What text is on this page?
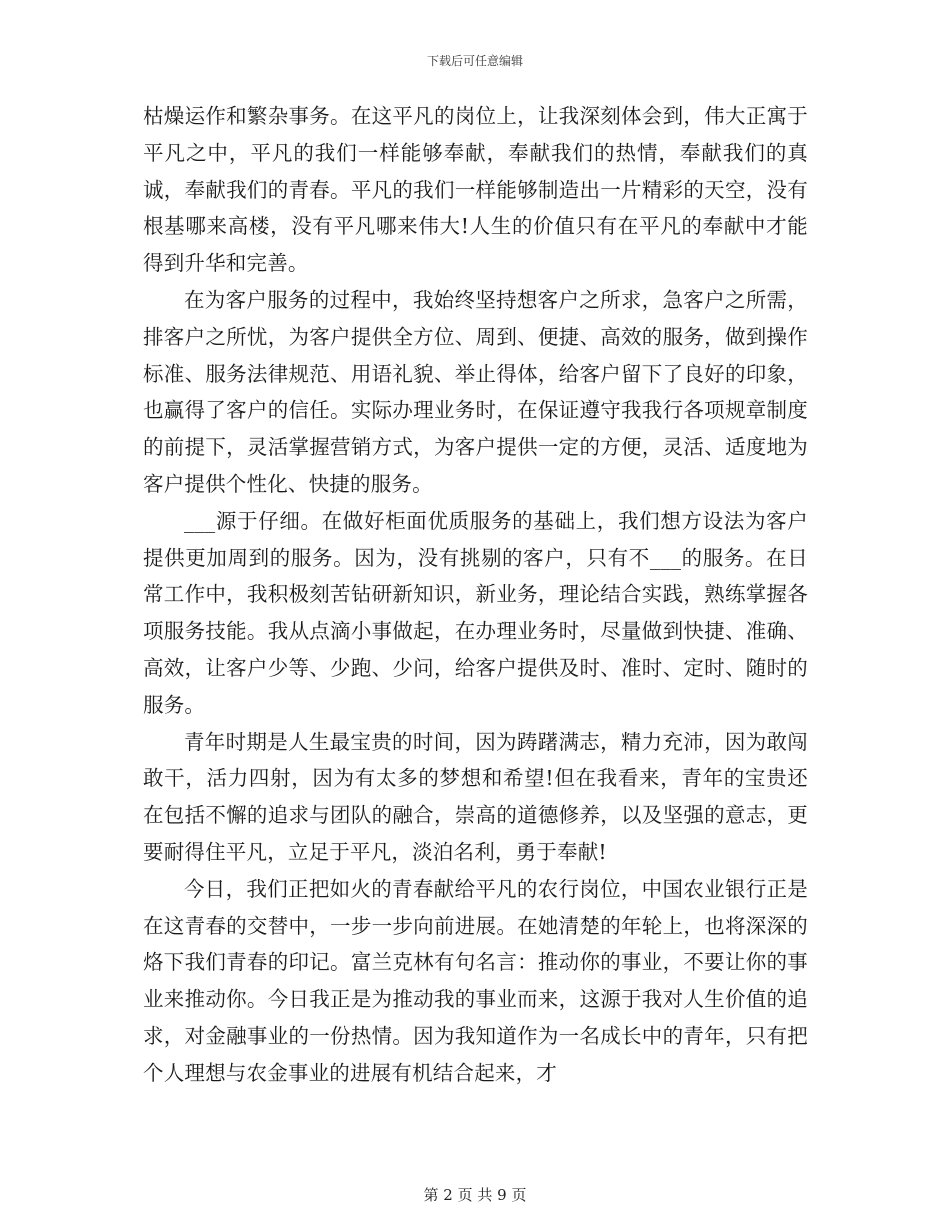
下载后可任意编辑

枯燥运作和繁杂事务。在这平凡的岗位上，让我深刻体会到，伟大正寓于平凡之中，平凡的我们一样能够奉献，奉献我们的热情，奉献我们的真诚，奉献我们的青春。平凡的我们一样能够制造出一片精彩的天空，没有根基哪来高楼，没有平凡哪来伟大!人生的价值只有在平凡的奉献中才能得到升华和完善。

在为客户服务的过程中，我始终坚持想客户之所求，急客户之所需，排客户之所忧，为客户提供全方位、周到、便捷、高效的服务，做到操作标准、服务法律规范、用语礼貌、举止得体，给客户留下了良好的印象，也赢得了客户的信任。实际办理业务时，在保证遵守我我行各项规章制度的前提下，灵活掌握营销方式，为客户提供一定的方便，灵活、适度地为客户提供个性化、快捷的服务。

___源于仔细。在做好柜面优质服务的基础上，我们想方设法为客户提供更加周到的服务。因为，没有挑剔的客户，只有不___的服务。在日常工作中，我积极刻苦钻研新知识，新业务，理论结合实践，熟练掌握各项服务技能。我从点滴小事做起，在办理业务时，尽量做到快捷、准确、高效，让客户少等、少跑、少问，给客户提供及时、准时、定时、随时的服务。

青年时期是人生最宝贵的时间，因为踌躇满志，精力充沛，因为敢闯敢干，活力四射，因为有太多的梦想和希望!但在我看来，青年的宝贵还在包括不懈的追求与团队的融合，崇高的道德修养，以及坚强的意志，更要耐得住平凡，立足于平凡，淡泊名利，勇于奉献!

今日，我们正把如火的青春献给平凡的农行岗位，中国农业银行正是在这青春的交替中，一步一步向前进展。在她清楚的年轮上，也将深深的烙下我们青春的印记。富兰克林有句名言：推动你的事业，不要让你的事业来推动你。今日我正是为推动我的事业而来，这源于我对人生价值的追求，对金融事业的一份热情。因为我知道作为一名成长中的青年，只有把个人理想与农金事业的进展有机结合起来，才

第 2 页 共 9 页
